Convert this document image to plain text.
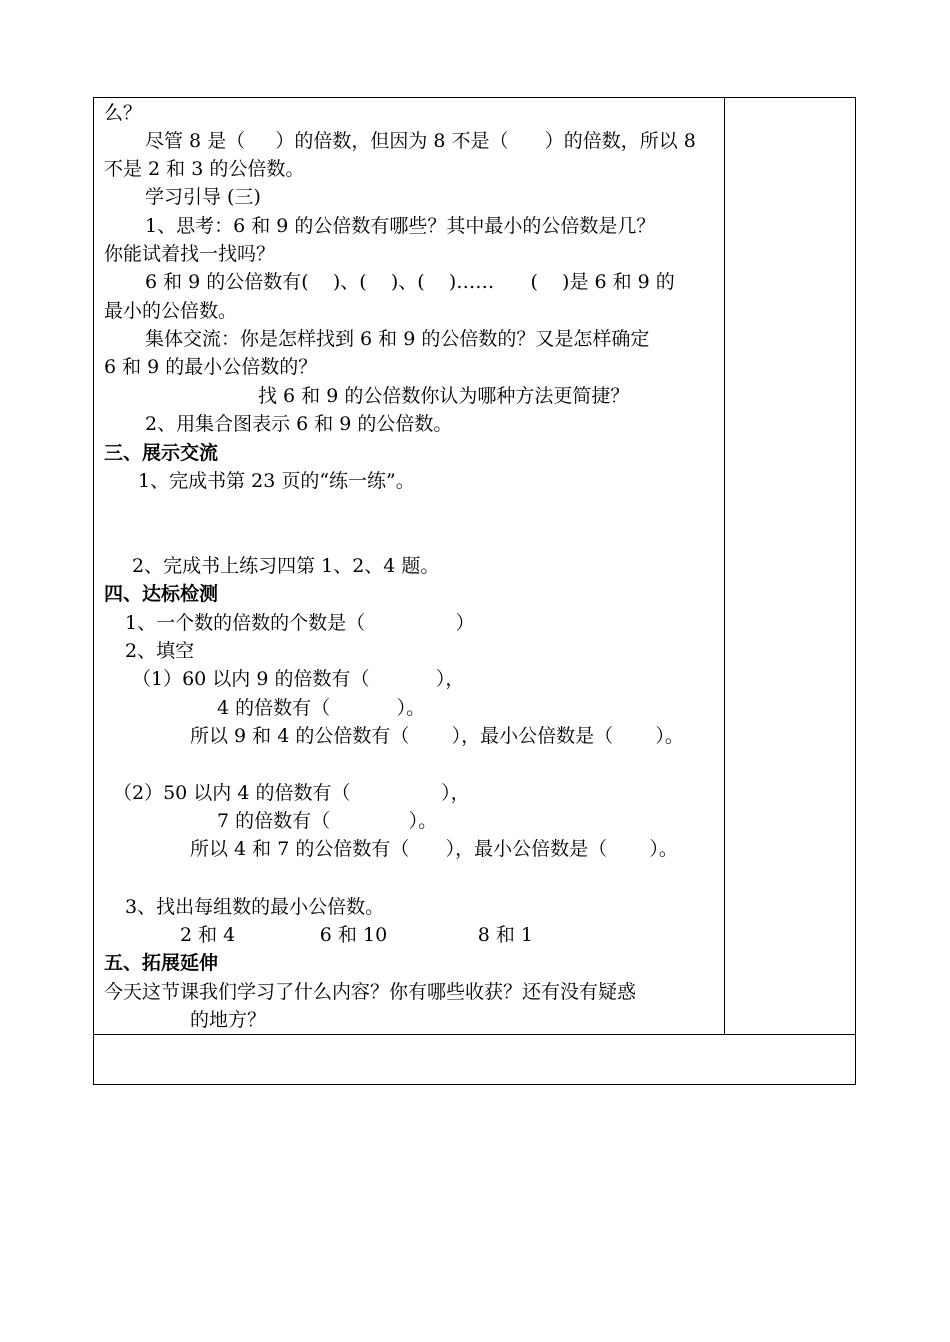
么？
尽管 8 是（     ）的倍数，但因为 8 不是（      ）的倍数，所以 8
不是 2 和 3 的公倍数。
学习引导 (三)
1、思考：6 和 9 的公倍数有哪些？其中最小的公倍数是几？
你能试着找一找吗？
6 和 9 的公倍数有(    )、(    )、(    )……      (    )是 6 和 9 的
最小的公倍数。
集体交流：你是怎样找到 6 和 9 的公倍数的？又是怎样确定
6 和 9 的最小公倍数的？
找 6 和 9 的公倍数你认为哪种方法更简捷？
2、用集合图表示 6 和 9 的公倍数。
三、展示交流
1、完成书第 23 页的“练一练”。
2、完成书上练习四第 1、2、4 题。
四、达标检测
1、一个数的倍数的个数是（               ）
2、填空
（1）60 以内 9 的倍数有（           ），
4 的倍数有（           ）。
所以 9 和 4 的公倍数有（       ），最小公倍数是（       ）。
（2）50 以内 4 的倍数有（               ），
7 的倍数有（             ）。
所以 4 和 7 的公倍数有（      ），最小公倍数是（       ）。
3、找出每组数的最小公倍数。
2 和 4              6 和 10               8 和 1
五、拓展延伸
今天这节课我们学习了什么内容？你有哪些收获？还有没有疑惑
的地方？
